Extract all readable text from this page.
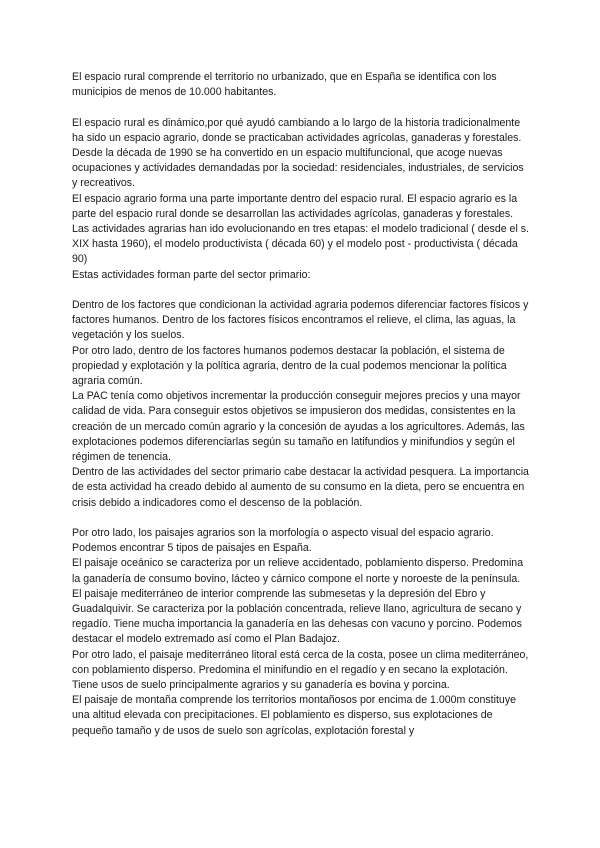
El espacio rural comprende el territorio no urbanizado, que en España se identifica con los municipios de menos de 10.000 habitantes.

El espacio rural es dinámico,por qué ayudó cambiando a lo largo de la historia tradicionalmente ha sido un espacio agrario, donde se practicaban actividades agrícolas, ganaderas y forestales.

Desde la década de 1990 se ha convertido en un espacio multifuncional, que acoge nuevas ocupaciones y actividades demandadas por la sociedad: residenciales, industriales, de servicios y recreativos.

El espacio agrario forma una parte importante dentro del espacio rural. El espacio agrario es la parte del espacio rural donde se desarrollan las actividades agrícolas, ganaderas y forestales. Las actividades agrarias han ido evolucionando en tres etapas: el modelo tradicional ( desde el s. XIX hasta 1960), el modelo productivista ( década 60) y el modelo post - productivista ( década 90)

Estas actividades forman parte del sector primario:

Dentro de los factores que condicionan la actividad agraria podemos diferenciar factores físicos y factores humanos. Dentro de los factores físicos encontramos el relieve, el clima, las aguas, la vegetación y los suelos.

Por otro lado, dentro de los factores humanos podemos destacar la población, el sistema de propiedad y explotación y la política agraria, dentro de la cual podemos mencionar la política agraria común.

La PAC tenía como objetivos incrementar la producción conseguir mejores precios y una mayor calidad de vida. Para conseguir estos objetivos se impusieron dos medidas, consistentes en la creación de un mercado común agrario y la concesión de ayudas a los agricultores. Además, las explotaciones podemos diferenciarlas según su tamaño en latifundios y minifundios y según el régimen de tenencia.

Dentro de las actividades del sector primario cabe destacar la actividad pesquera. La importancia de esta actividad ha creado debido al aumento de su consumo en la dieta, pero se encuentra en crisis debido a indicadores como el descenso de la población.

Por otro lado, los paisajes agrarios son la morfología o aspecto visual del espacio agrario. Podemos encontrar 5 tipos de paisajes en España.

El paisaje oceánico se caracteriza por un relieve accidentado, poblamiento disperso. Predomina la ganadería de consumo bovino, lácteo y cárnico compone el norte y noroeste de la península. El paisaje mediterráneo de interior comprende las submesetas y la depresión del Ebro y Guadalquivir. Se caracteriza por la población concentrada, relieve llano, agricultura de secano y regadío. Tiene mucha importancia la ganadería en las dehesas con vacuno y porcino. Podemos destacar el modelo extremado así como el Plan Badajoz.

Por otro lado, el paisaje mediterráneo litoral está cerca de la costa, posee un clima mediterráneo, con poblamiento disperso. Predomina el minifundio en el regadío y en secano la explotación. Tiene usos de suelo principalmente agrarios y su ganadería es bovina y porcina.

El paisaje de montaña comprende los territorios montañosos por encima de 1.000m constituye una altitud elevada con precipitaciones. El poblamiento es disperso, sus explotaciones de pequeño tamaño y de usos de suelo son agrícolas, explotación forestal y
